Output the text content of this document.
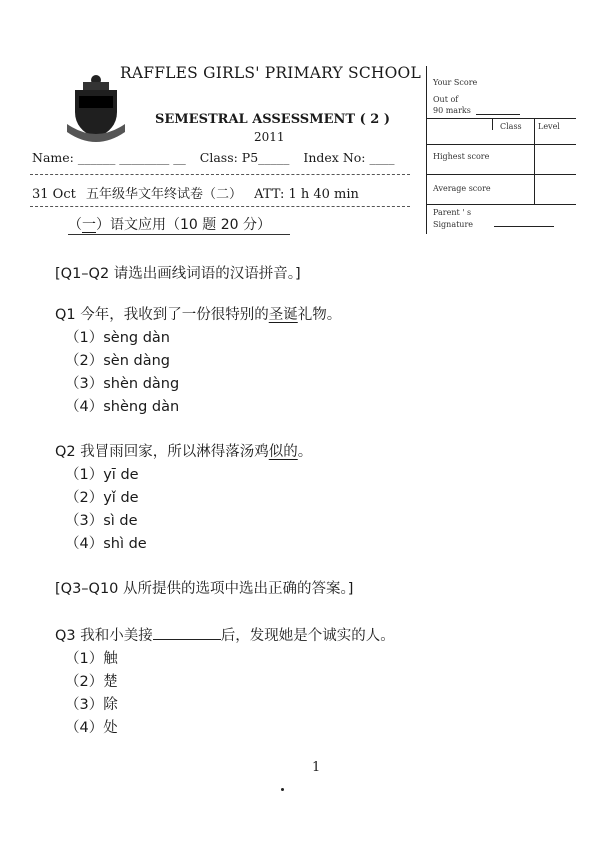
RAFFLES GIRLS' PRIMARY SCHOOL
SEMESTRAL ASSESSMENT ( 2 )
2011
Name: ______ ________ __ Class: P5_____ Index No: ____
31 Oct 五年级华文年终试卷（二） ATT: 1 h 40 min
Your Score
Out of
90 marks
Class Level
Highest score
Average score
Parent ' s
Signature
（一）语文应用（10 题 20 分）
[Q1–Q2 请选出画线词语的汉语拼音。]
Q1 今年，我收到了一份很特别的圣诞礼物。
（1）sèng dàn
（2）sèn dàng
（3）shèn dàng
（4）shèng dàn
Q2 我冒雨回家，所以淋得落汤鸡似的。
（1）yī de
（2）yǐ de
（3）sì de
（4）shì de
[Q3–Q10 从所提供的选项中选出正确的答案。]
Q3 我和小美接	后，发现她是个诚实的人。
（1）触
（2）楚
（3）除
（4）处
1
